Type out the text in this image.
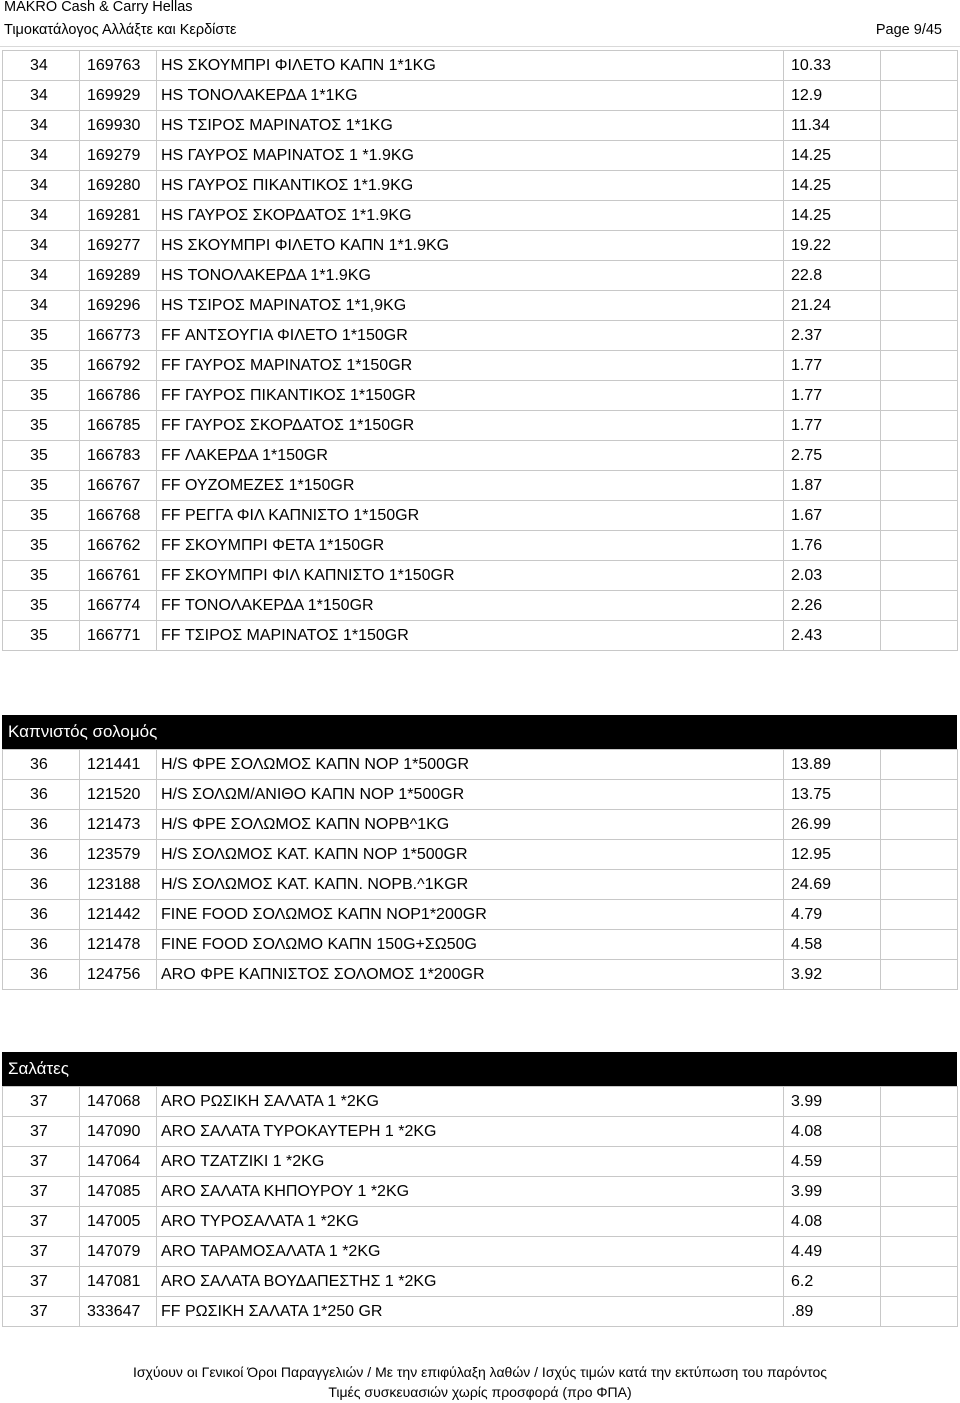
MAKRO Cash & Carry Hellas
Τιμοκατάλογος Αλλάξτε και Κερδίστε	Page 9/45
34	169763	HS ΣΚΟΥΜΠΡΙ ΦΙΛΕΤΟ ΚΑΠΝ 1*1KG	10.33	
34	169929	HS ΤΟΝΟΛΑΚΕΡΔΑ 1*1KG	12.9	
34	169930	HS ΤΣΙΡΟΣ ΜΑΡΙΝΑΤΟΣ 1*1KG	11.34	
34	169279	HS ΓΑΥΡΟΣ ΜΑΡΙΝΑΤΟΣ 1 *1.9KG	14.25	
34	169280	HS ΓΑΥΡΟΣ ΠΙΚΑΝΤΙΚΟΣ 1*1.9KG	14.25	
34	169281	HS ΓΑΥΡΟΣ ΣΚΟΡΔΑΤΟΣ 1*1.9KG	14.25	
34	169277	HS ΣΚΟΥΜΠΡΙ ΦΙΛΕΤΟ ΚΑΠΝ 1*1.9KG	19.22	
34	169289	HS ΤΟΝΟΛΑΚΕΡΔΑ 1*1.9KG	22.8	
34	169296	HS ΤΣΙΡΟΣ ΜΑΡΙΝΑΤΟΣ 1*1,9KG	21.24	
35	166773	FF ΑΝΤΣΟΥΓΙΑ ΦΙΛΕΤΟ 1*150GR	2.37	
35	166792	FF ΓΑΥΡΟΣ ΜΑΡΙΝΑΤΟΣ 1*150GR	1.77	
35	166786	FF ΓΑΥΡΟΣ ΠΙΚΑΝΤΙΚΟΣ 1*150GR	1.77	
35	166785	FF ΓΑΥΡΟΣ ΣΚΟΡΔΑΤΟΣ 1*150GR	1.77	
35	166783	FF ΛΑΚΕΡΔΑ 1*150GR	2.75	
35	166767	FF ΟΥΖΟΜΕΖΕΣ 1*150GR	1.87	
35	166768	FF ΡΕΓΓΑ ΦΙΛ ΚΑΠΝΙΣΤΟ 1*150GR	1.67	
35	166762	FF ΣΚΟΥΜΠΡΙ ΦΕΤΑ 1*150GR	1.76	
35	166761	FF ΣΚΟΥΜΠΡΙ ΦΙΛ ΚΑΠΝΙΣΤΟ 1*150GR	2.03	
35	166774	FF ΤΟΝΟΛΑΚΕΡΔΑ 1*150GR	2.26	
35	166771	FF ΤΣΙΡΟΣ ΜΑΡΙΝΑΤΟΣ 1*150GR	2.43	
Καπνιστός σολομός
36	121441	H/S ΦΡΕ ΣΟΛΩΜΟΣ ΚΑΠΝ ΝΟΡ 1*500GR	13.89	
36	121520	H/S ΣΟΛΩΜ/ΑΝΙΘΟ ΚΑΠΝ ΝΟΡ 1*500GR	13.75	
36	121473	H/S ΦΡΕ ΣΟΛΩΜΟΣ ΚΑΠΝ ΝΟΡΒ^1KG	26.99	
36	123579	H/S ΣΟΛΩΜΟΣ ΚΑΤ. ΚΑΠΝ ΝΟΡ 1*500GR	12.95	
36	123188	H/S ΣΟΛΩΜΟΣ ΚΑΤ. ΚΑΠΝ. ΝΟΡΒ.^1KGR	24.69	
36	121442	FINE FOOD ΣΟΛΩΜΟΣ ΚΑΠΝ ΝΟΡ1*200GR	4.79	
36	121478	FINE FOOD ΣΟΛΩΜΟ ΚΑΠΝ 150G+ΣΩ50G	4.58	
36	124756	ARO ΦΡΕ ΚΑΠΝΙΣΤΟΣ ΣΟΛΟΜΟΣ 1*200GR	3.92	
Σαλάτες
37	147068	ARO ΡΩΣΙΚΗ ΣΑΛΑΤΑ 1 *2KG	3.99	
37	147090	ARO ΣΑΛΑΤΑ ΤΥΡΟΚΑΥΤΕΡΗ 1 *2KG	4.08	
37	147064	ARO ΤΖΑΤΖΙΚΙ 1 *2KG	4.59	
37	147085	ARO ΣΑΛΑΤΑ ΚΗΠΟΥΡΟΥ 1 *2KG	3.99	
37	147005	ARO ΤΥΡΟΣΑΛΑΤΑ 1 *2KG	4.08	
37	147079	ARO ΤΑΡΑΜΟΣΑΛΑΤΑ 1 *2KG	4.49	
37	147081	ARO ΣΑΛΑΤΑ ΒΟΥΔΑΠΕΣΤΗΣ 1 *2KG	6.2	
37	333647	FF ΡΩΣΙΚΗ ΣΑΛΑΤΑ 1*250 GR	.89	
Ισχύουν οι Γενικοί Όροι Παραγγελιών / Με την επιφύλαξη λαθών / Ισχύς τιμών κατά την εκτύπωση του παρόντος
Τιμές συσκευασιών χωρίς προσφορά (προ ΦΠΑ)
